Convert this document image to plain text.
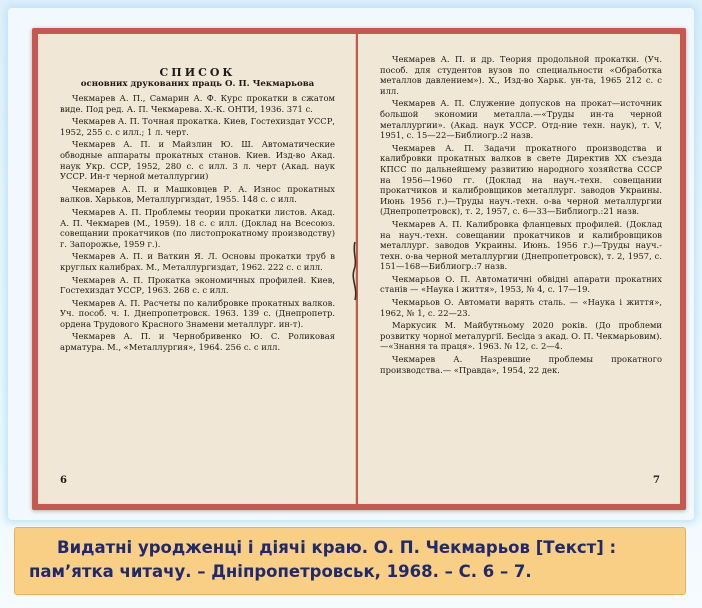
СПИСОК
основних друкованих праць О. П. Чекмарьова

Чекмарев А. П., Самарин А. Ф. Курс прокатки в сжатом виде. Под ред. А. П. Чекмарева. Х.-К. ОНТИ, 1936. 371 с.

Чекмарев А. П. Точная прокатка. Киев, Гостехиздат УССР, 1952, 255 с. с илл.; 1 л. черт.

Чекмарев А. П. и Майзлин Ю. Ш. Автоматические обводные аппараты прокатных станов. Киев. Изд-во Акад. наук Укр. ССР, 1952, 280 с. с илл. 3 л. черт (Акад. наук УССР. Ин-т черной металлургии)

Чекмарев А. П. и Машковцев Р. А. Износ прокатных валков. Харьков, Металлургиздат, 1955. 148 с. с илл.

Чекмарев А. П. Проблемы теории прокатки листов. Акад. А. П. Чекмарев (М., 1959). 18 с. с илл. (Доклад на Всесоюз. совещании прокатчиков (по листопрокатному производству) г. Запорожье, 1959 г.).

Чекмарев А. П. и Ваткин Я. Л. Основы прокатки труб в круглых калибрах. М., Металлургиздат, 1962. 222 с. с илл.

Чекмарев А. П. Прокатка экономичных профилей. Киев, Гостехиздат УССР, 1963. 268 с. с илл.

Чекмарев А. П. Расчеты по калибровке прокатных валков. Уч. пособ. ч. I. Днепропетровск. 1963. 139 с. (Днепропетр. ордена Трудового Красного Знамени металлург. ин-т).

Чекмарев А. П. и Чернобривенко Ю. С. Роликовая арматура. М., «Металлургия», 1964. 256 с. с илл.

6

Чекмарев А. П. и др. Теория продольной прокатки. (Уч. пособ. для студентов вузов по специальности «Обработка металлов давлением»). Х., Изд-во Харьк. ун-та, 1965 212 с. с илл.

Чекмарев А. П. Служение допусков на прокат—источник большой экономии металла.—«Труды ин-та черной металлургии». (Акад. наук УССР. Отд-ние техн. наук), т. V, 1951, с. 15—22—Библиогр.:2 назв.

Чекмарев А. П. Задачи прокатного производства и калибровки прокатных валков в свете Директив XX съезда КПСС по дальнейшему развитию народного хозяйства СССР на 1956—1960 гг. (Доклад на науч.-техн. совещании прокатчиков и калибровщиков металлург. заводов Украины. Июнь 1956 г.)—Труды науч.-техн. о-ва черной металлургии (Днепропетровск), т. 2, 1957, с. 6—33—Библиогр.:21 назв.

Чекмарев А. П. Калибровка фланцевых профилей. (Доклад на науч.-техн. совещании прокатчиков и калибровщиков металлург. заводов Украины. Июнь. 1956 г.)—Труды науч.-техн. о-ва черной металлургии (Днепропетровск), т. 2, 1957, с. 151—168—Библиогр.:7 назв.

Чекмарьов О. П. Автоматичні обвідні апарати прокатних станів — «Наука і життя», 1953, № 4, с. 17—19.

Чекмарьов О. Автомати варять сталь. — «Наука і життя», 1962, № 1, с. 22—23.

Маркусик М. Майбутньому 2020 років. (До проблеми розвитку чорної металургії. Бесіда з акад. О. П. Чекмарьовим).—«Знання та праця». 1963. № 12, с. 2—4.

Чекмарев А. Назревшие проблемы прокатного производства.— «Правда», 1954, 22 дек.

7
Видатні уродженці і діячі краю. О. П. Чекмарьов [Текст] :
пам’ятка читачу. – Дніпропетровськ, 1968. – С. 6 – 7.
